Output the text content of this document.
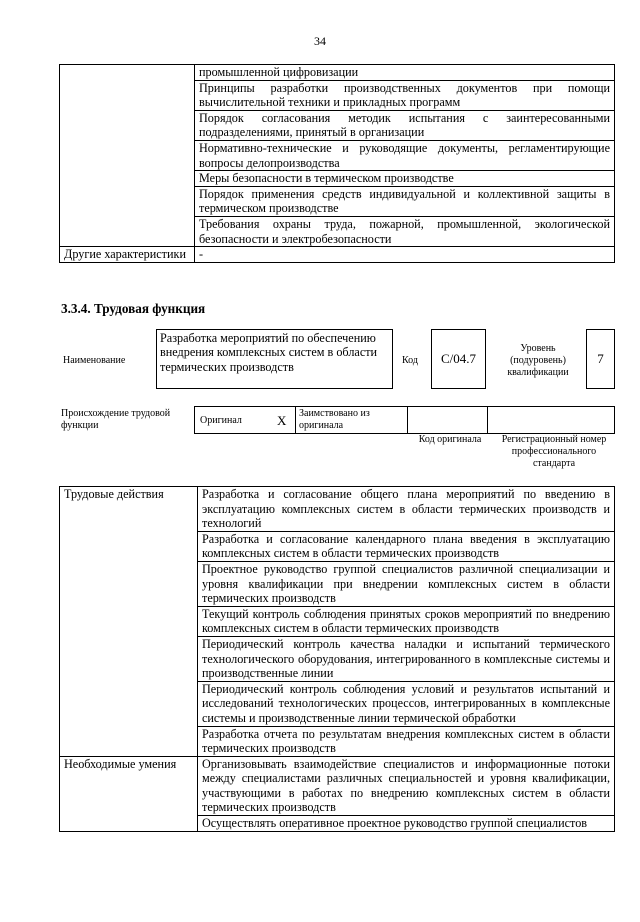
34
	промышленной цифровизации
	Принципы разработки производственных документов при помощи вычислительной техники и прикладных программ
	Порядок согласования методик испытания с заинтересованными подразделениями, принятый в организации
	Нормативно-технические и руководящие документы, регламентирующие вопросы делопроизводства
	Меры безопасности в термическом производстве
	Порядок применения средств индивидуальной и коллективной защиты в термическом производстве
	Требования охраны труда, пожарной, промышленной, экологической безопасности и электробезопасности
Другие характеристики	-
3.3.4. Трудовая функция
Наименование
Разработка мероприятий по обеспечению внедрения комплексных систем в области термических производств	Код	С/04.7
Уровень (подуровень) квалификации
7
Происхождение трудовой функции	Оригинал	X Заимствовано из оригинала
Код оригинала	Регистрационный номер профессионального стандарта
Трудовые действия	Разработка и согласование общего плана мероприятий по введению в эксплуатацию комплексных систем в области термических производств и технологий
	Разработка и согласование календарного плана введения в эксплуатацию комплексных систем в области термических производств
	Проектное руководство группой специалистов различной специализации и уровня квалификации при внедрении комплексных систем в области термических производств
	Текущий контроль соблюдения принятых сроков мероприятий по внедрению комплексных систем в области термических производств
	Периодический контроль качества наладки и испытаний термического технологического оборудования, интегрированного в комплексные системы и производственные линии
	Периодический контроль соблюдения условий и результатов испытаний и исследований технологических процессов, интегрированных в комплексные системы и производственные линии термической обработки
	Разработка отчета по результатам внедрения комплексных систем в области термических производств
Необходимые умения	Организовывать взаимодействие специалистов и информационные потоки между специалистами различных специальностей и уровня квалификации, участвующими в работах по внедрению комплексных систем в области термических производств
	Осуществлять оперативное проектное руководство группой специалистов
